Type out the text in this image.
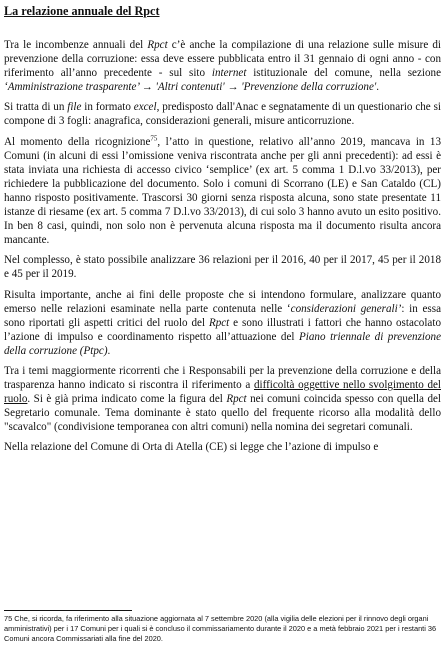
La relazione annuale del Rpct

Tra le incombenze annuali del Rpct c’è anche la compilazione di una relazione sulle misure di prevenzione della corruzione: essa deve essere pubblicata entro il 31 gennaio di ogni anno - con riferimento all’anno precedente - sul sito internet istituzionale del comune, nella sezione ‘Amministrazione trasparente’ → 'Altri contenuti' → 'Prevenzione della corruzione'.

Si tratta di un file in formato excel, predisposto dall'Anac e segnatamente di un questionario che si compone di 3 fogli: anagrafica, considerazioni generali, misure anticorruzione.

Al momento della ricognizione$^{75}$, l’atto in questione, relativo all’anno 2019, mancava in 13 Comuni (in alcuni di essi l’omissione veniva riscontrata anche per gli anni precedenti): ad essi è stata inviata una richiesta di accesso civico ‘semplice’ (ex art. 5 comma 1 D.l.vo 33/2013), per richiedere la pubblicazione del documento. Solo i comuni di Scorrano (LE) e San Cataldo (CL) hanno risposto positivamente. Trascorsi 30 giorni senza risposta alcuna, sono state presentate 11 istanze di riesame (ex art. 5 comma 7 D.l.vo 33/2013), di cui solo 3 hanno avuto un esito positivo. In ben 8 casi, quindi, non solo non è pervenuta alcuna risposta ma il documento risulta ancora mancante.

Nel complesso, è stato possibile analizzare 36 relazioni per il 2016, 40 per il 2017, 45 per il 2018 e 45 per il 2019.

Risulta importante, anche ai fini delle proposte che si intendono formulare, analizzare quanto emerso nelle relazioni esaminate nella parte contenuta nelle ‘considerazioni generali’: in essa sono riportati gli aspetti critici del ruolo del Rpct e sono illustrati i fattori che hanno ostacolato l’azione di impulso e coordinamento rispetto all’attuazione del Piano triennale di prevenzione della corruzione (Ptpc).

Tra i temi maggiormente ricorrenti che i Responsabili per la prevenzione della corruzione e della trasparenza hanno indicato si riscontra il riferimento a difficoltà oggettive nello svolgimento del ruolo. Si è già prima indicato come la figura del Rpct nei comuni coincida spesso con quella del Segretario comunale. Tema dominante è stato quello del frequente ricorso alla modalità dello "scavalco" (condivisione temporanea con altri comuni) nella nomina dei segretari comunali.

Nella relazione del Comune di Orta di Atella (CE) si legge che l’azione di impulso e

75 Che, si ricorda, fa riferimento alla situazione aggiornata al 7 settembre 2020 (alla vigilia delle elezioni per il rinnovo degli organi amministrativi) per i 17 Comuni per i quali si è concluso il commissariamento durante il 2020 e a metà febbraio 2021 per i restanti 36 Comuni ancora Commissariati alla fine del 2020.
